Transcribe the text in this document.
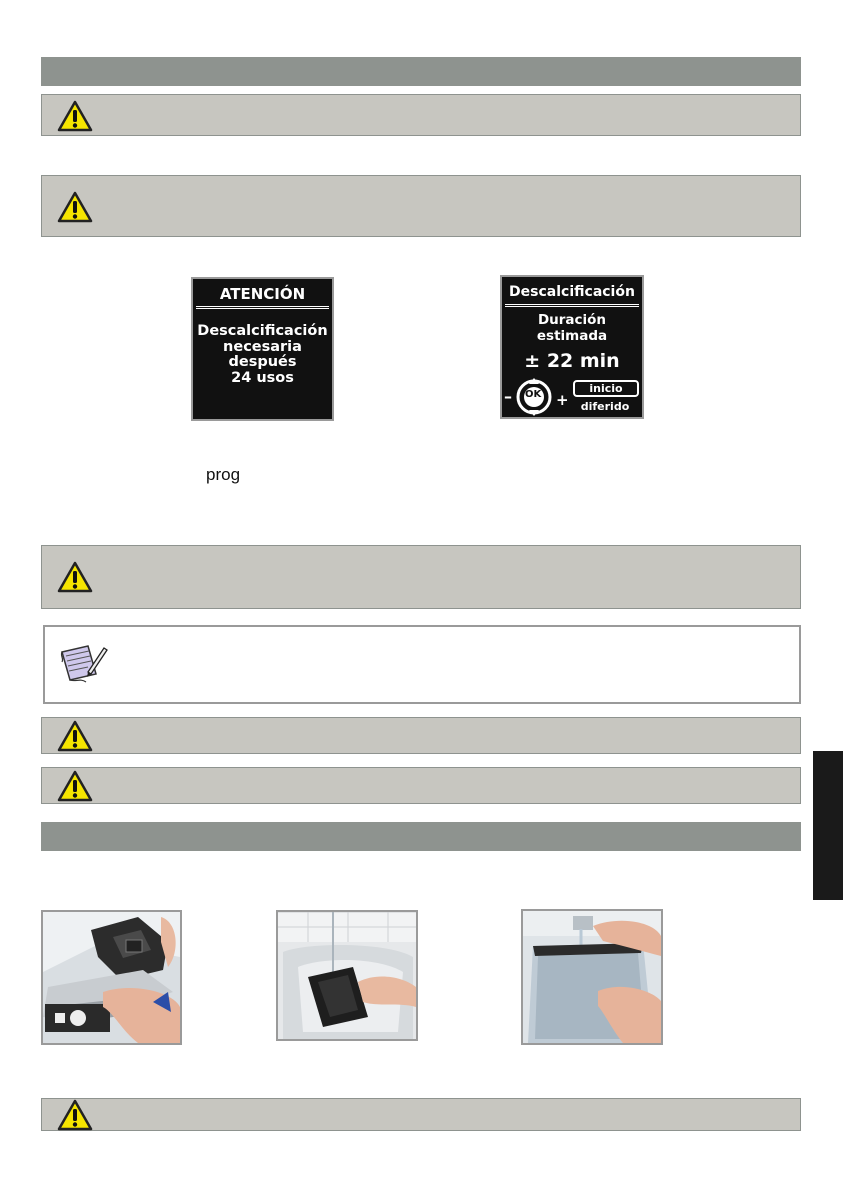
ATENCIÓN
Descalcificación
necesaria
después
24 usos
Descalcificación
Duración
estimada
± 22 min
– OK +
inicio
diferido
prog
